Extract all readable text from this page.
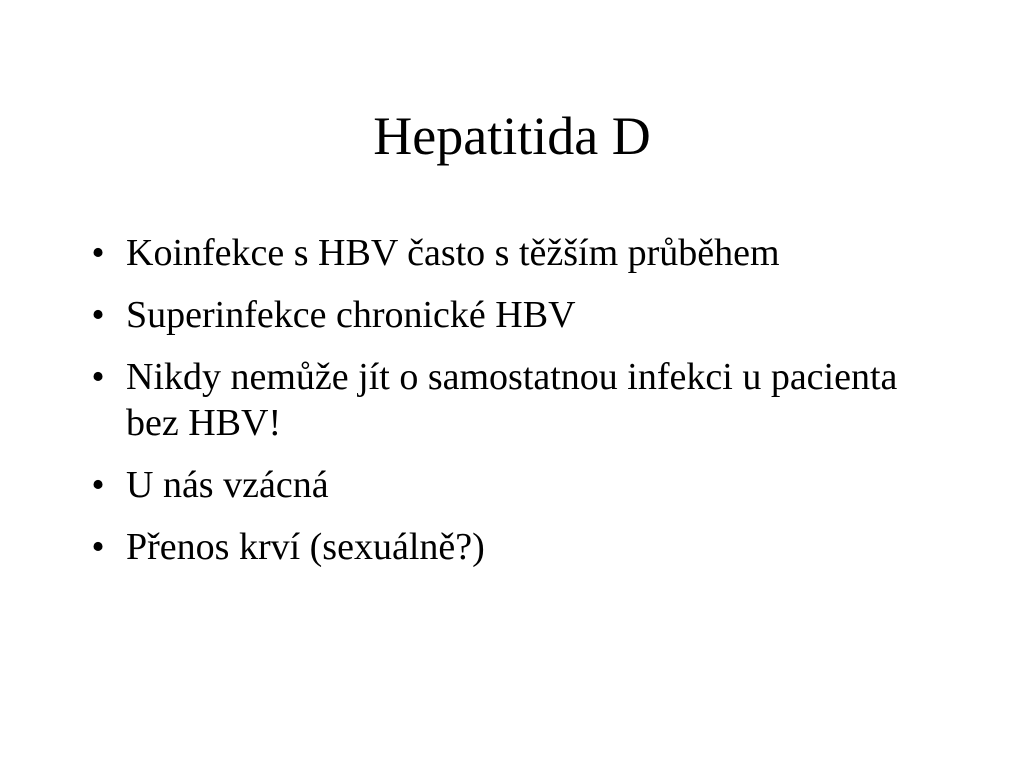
Hepatitida D
• Koinfekce s HBV často s těžším průběhem
• Superinfekce chronické HBV
• Nikdy nemůže jít o samostatnou infekci u pacienta bez HBV!
• U nás vzácná
• Přenos krví (sexuálně?)
